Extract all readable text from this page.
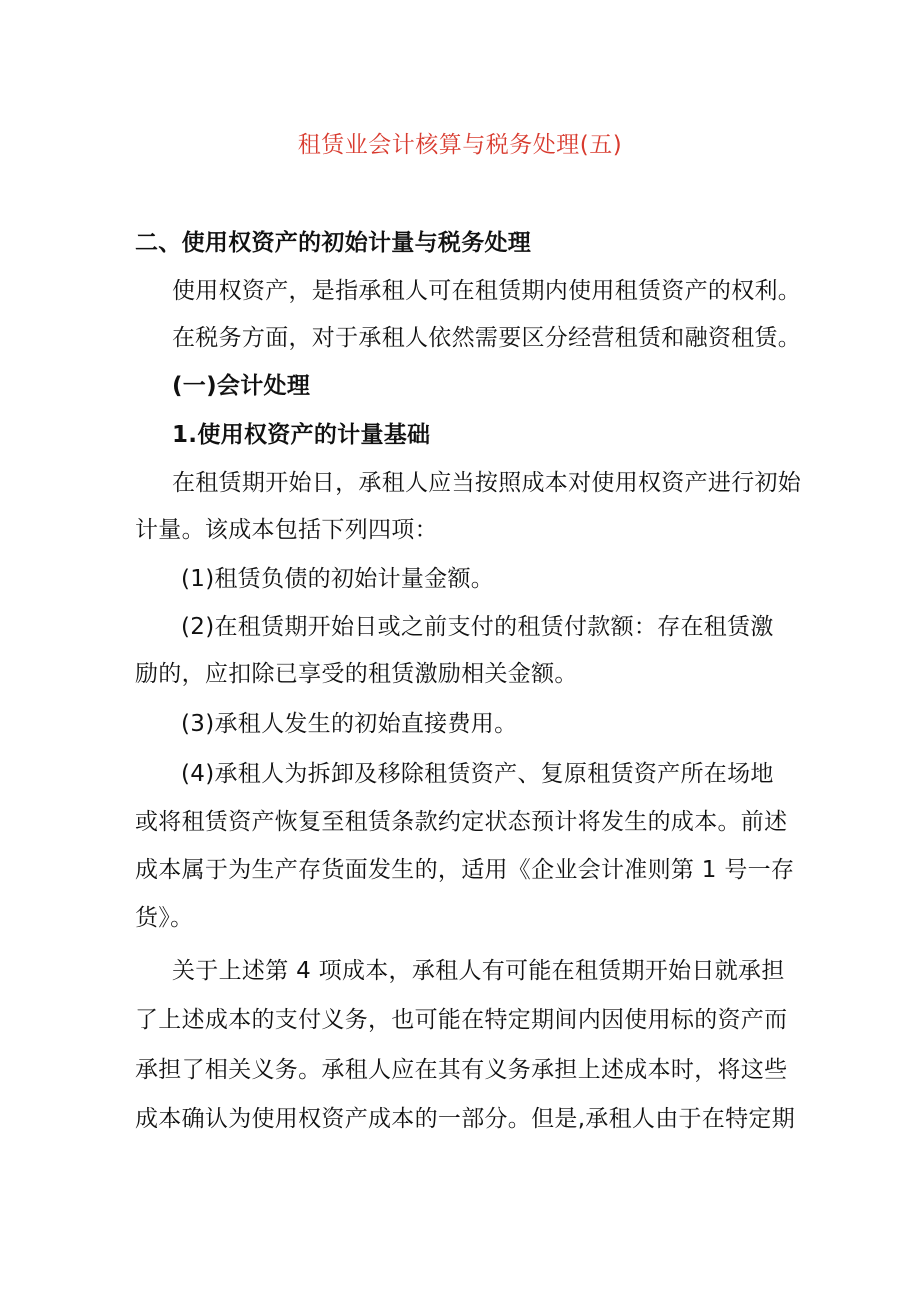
租赁业会计核算与税务处理(五)
二、使用权资产的初始计量与税务处理
使用权资产，是指承租人可在租赁期内使用租赁资产的权利。
在税务方面，对于承租人依然需要区分经营租赁和融资租赁。
(一)会计处理
1.使用权资产的计量基础
在租赁期开始日，承租人应当按照成本对使用权资产进行初始
计量。该成本包括下列四项：
(1)租赁负债的初始计量金额。
(2)在租赁期开始日或之前支付的租赁付款额：存在租赁激
励的，应扣除已享受的租赁激励相关金额。
(3)承租人发生的初始直接费用。
(4)承租人为拆卸及移除租赁资产、复原租赁资产所在场地
或将租赁资产恢复至租赁条款约定状态预计将发生的成本。前述
成本属于为生产存货面发生的，适用《企业会计准则第 1 号一存
货》。
关于上述第 4 项成本，承租人有可能在租赁期开始日就承担
了上述成本的支付义务，也可能在特定期间内因使用标的资产而
承担了相关义务。承租人应在其有义务承担上述成本时，将这些
成本确认为使用权资产成本的一部分。但是,承租人由于在特定期
